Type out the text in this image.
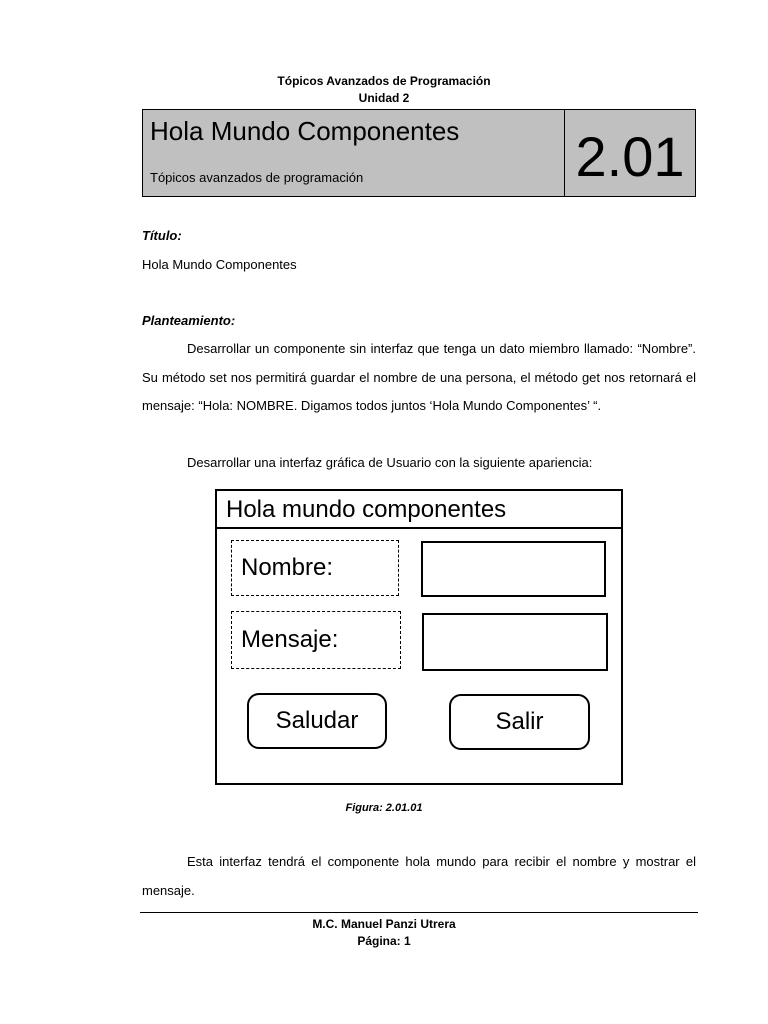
Tópicos Avanzados de Programación
Unidad 2
Hola Mundo Componentes
Tópicos avanzados de programación	2.01
Título:
Hola Mundo Componentes
Planteamiento:

Desarrollar un componente sin interfaz que tenga un dato miembro llamado: “Nombre”. Su método set nos permitirá guardar el nombre de una persona, el método get nos retornará el mensaje: “Hola: NOMBRE. Digamos todos juntos ‘Hola Mundo Componentes’ “.

Desarrollar una interfaz gráfica de Usuario con la siguiente apariencia:
Hola mundo componentes
Nombre:
Mensaje:
Saludar	Salir
Figura: 2.01.01

Esta interfaz tendrá el componente hola mundo para recibir el nombre y mostrar el mensaje.

M.C. Manuel Panzi Utrera
Página: 1
